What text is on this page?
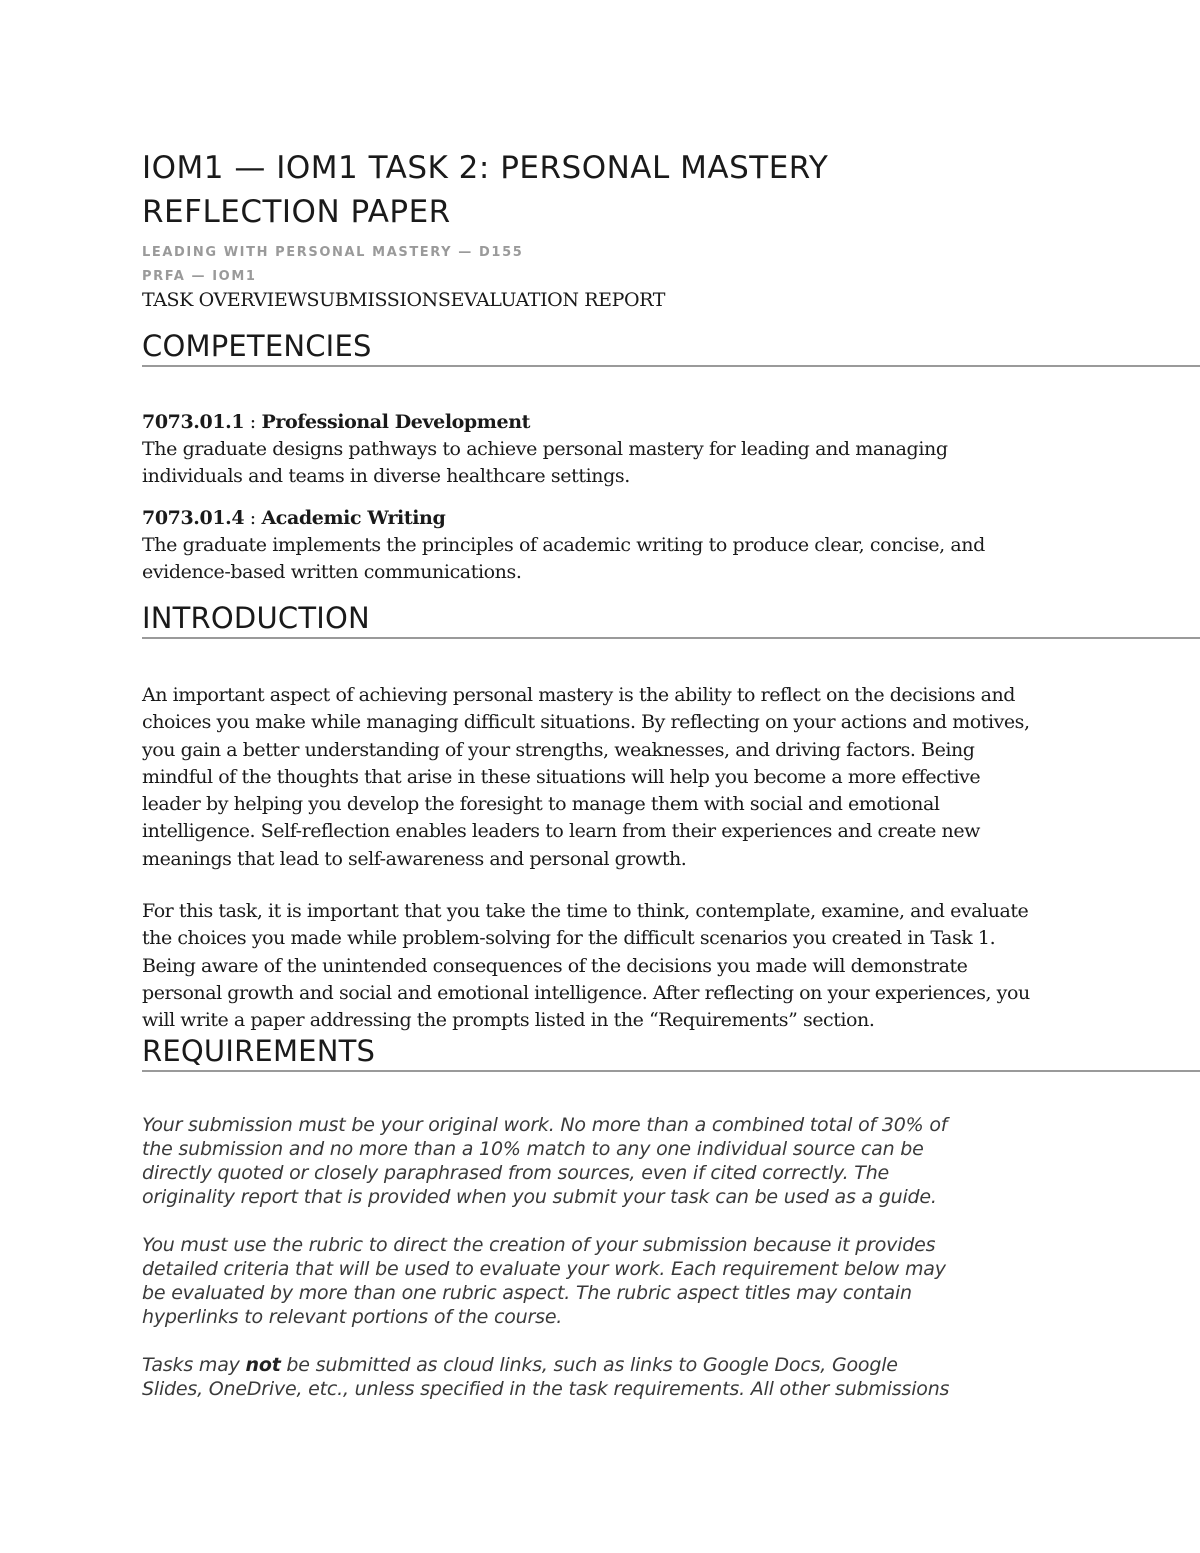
IOM1 — IOM1 TASK 2: PERSONAL MASTERY
REFLECTION PAPER
LEADING WITH PERSONAL MASTERY — D155
PRFA — IOM1
TASK OVERVIEWSUBMISSIONSEVALUATION REPORT
COMPETENCIES
7073.01.1 : Professional Development
The graduate designs pathways to achieve personal mastery for leading and managing
individuals and teams in diverse healthcare settings.
7073.01.4 : Academic Writing
The graduate implements the principles of academic writing to produce clear, concise, and
evidence-based written communications.
INTRODUCTION
An important aspect of achieving personal mastery is the ability to reflect on the decisions and
choices you make while managing difficult situations. By reflecting on your actions and motives,
you gain a better understanding of your strengths, weaknesses, and driving factors. Being
mindful of the thoughts that arise in these situations will help you become a more effective
leader by helping you develop the foresight to manage them with social and emotional
intelligence. Self-reflection enables leaders to learn from their experiences and create new
meanings that lead to self-awareness and personal growth.
For this task, it is important that you take the time to think, contemplate, examine, and evaluate
the choices you made while problem-solving for the difficult scenarios you created in Task 1.
Being aware of the unintended consequences of the decisions you made will demonstrate
personal growth and social and emotional intelligence. After reflecting on your experiences, you
will write a paper addressing the prompts listed in the “Requirements” section.
REQUIREMENTS
Your submission must be your original work. No more than a combined total of 30% of
the submission and no more than a 10% match to any one individual source can be
directly quoted or closely paraphrased from sources, even if cited correctly. The
originality report that is provided when you submit your task can be used as a guide.
You must use the rubric to direct the creation of your submission because it provides
detailed criteria that will be used to evaluate your work. Each requirement below may
be evaluated by more than one rubric aspect. The rubric aspect titles may contain
hyperlinks to relevant portions of the course.
Tasks may not be submitted as cloud links, such as links to Google Docs, Google
Slides, OneDrive, etc., unless specified in the task requirements. All other submissions
